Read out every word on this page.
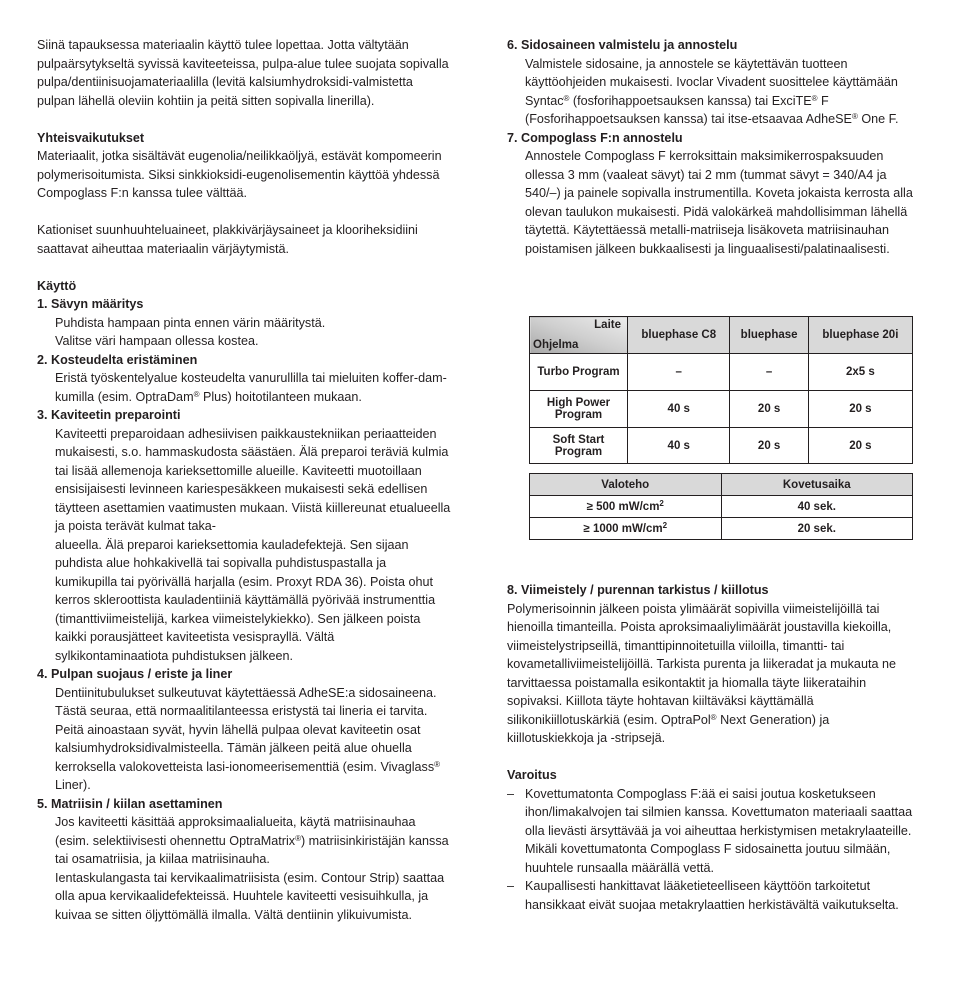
Siinä tapauksessa materiaalin käyttö tulee lopettaa. Jotta vältytään pulpaärsytykseltä syvissä kaviteeteissa, pulpa-alue tulee suojata sopivalla pulpa/dentiinisuojamateriaalilla (levitä kalsiumhydroksidi-valmistetta pulpan lähellä oleviin kohtiin ja peitä sitten sopivalla linerilla).

Yhteisvaikutukset

Materiaalit, jotka sisältävät eugenolia/neilikkaöljyä, estävät kompomeerin polymerisoitumista. Siksi sinkkioksidi-eugenolisementin käyttöä yhdessä Compoglass F:n kanssa tulee välttää.

Kationiset suunhuuhteluaineet, plakkivärjäysaineet ja klooriheksidiini saattavat aiheuttaa materiaalin värjäytymistä.

Käyttö

1. Sävyn määritys

Puhdista hampaan pinta ennen värin määritystä.

Valitse väri hampaan ollessa kostea.

2. Kosteudelta eristäminen

Eristä työskentelyalue kosteudelta vanurullilla tai mieluiten koffer-dam-kumilla (esim. OptraDam® Plus) hoitotilanteen mukaan.

3. Kaviteetin preparointi

Kaviteetti preparoidaan adhesiivisen paikkaustekniikan periaatteiden mukaisesti, s.o. hammaskudosta säästäen. Älä preparoi teräviä kulmia tai lisää allemenoja karieksettomille alueille. Kaviteetti muotoillaan ensisijaisesti levinneen kariespesäkkeen mukaisesti sekä edellisen täytteen asettamien vaatimusten mukaan. Viistä kiillereunat etualueella ja poista terävät kulmat taka-

alueella. Älä preparoi karieksettomia kauladefektejä. Sen sijaan puhdista alue hohkakivellä tai sopivalla puhdistuspastalla ja kumikupilla tai pyörivällä harjalla (esim. Proxyt RDA 36). Poista ohut kerros skleroottista kauladentiiniä käyttämällä pyörivää instrumenttia (timanttiviimeistelijä, karkea viimeistelykiekko). Sen jälkeen poista kaikki porausjätteet kaviteetista vesisprayllä. Vältä sylkikontaminaatiota puhdistuksen jälkeen.

4. Pulpan suojaus / eriste ja liner

Dentiinitubulukset sulkeutuvat käytettäessä AdheSE:a sidosaineena. Tästä seuraa, että normaalitilanteessa eristystä tai lineria ei tarvita. Peitä ainoastaan syvät, hyvin lähellä pulpaa olevat kaviteetin osat kalsiumhydroksidivalmisteella. Tämän jälkeen peitä alue ohuella kerroksella valokovetteista lasi-ionomeerisementtiä (esim. Vivaglass® Liner).

5. Matriisin / kiilan asettaminen

Jos kaviteetti käsittää approksimaalialueita, käytä matriisinauhaa (esim. selektiivisesti ohennettu OptraMatrix®) matriisinkiristäjän kanssa tai osamatriisia, ja kiilaa matriisinauha.

Ientaskulangasta tai kervikaalimatriisista (esim. Contour Strip) saattaa olla apua kervikaalidefekteissä. Huuhtele kaviteetti vesisuihkulla, ja kuivaa se sitten öljyttömällä ilmalla. Vältä dentiinin ylikuivumista.

6. Sidosaineen valmistelu ja annostelu

Valmistele sidosaine, ja annostele se käytettävän tuotteen käyttöohjeiden mukaisesti. Ivoclar Vivadent suosittelee käyttämään Syntac® (fosforihappoetsauksen kanssa) tai ExciTE® F (Fosforihappoetsauksen kanssa) tai itse-etsaavaa AdheSE® One F.

7. Compoglass F:n annostelu

Annostele Compoglass F kerroksittain maksimikerrospaksuuden ollessa 3 mm (vaaleat sävyt) tai 2 mm (tummat sävyt = 340/A4 ja 540/–) ja painele sopivalla instrumentilla. Koveta jokaista kerrosta alla olevan taulukon mukaisesti. Pidä valokärkeä mahdollisimman lähellä täytettä. Käytettäessä metalli-matriiseja lisäkoveta matriisinauhan poistamisen jälkeen bukkaalisesti ja linguaalisesti/palatinaalisesti.

Laite
Ohjelma	bluephase C8	bluephase	bluephase 20i
Turbo Program	–	–	2x5 s
High Power Program	40 s	20 s	20 s
Soft Start Program	40 s	20 s	20 s
Valoteho	Kovetusaika
≥ 500 $mW/cm^2$	40 sek.
≥ 1000 $mW/cm^2$	20 sek.

8. Viimeistely / purennan tarkistus / kiillotus

Polymerisoinnin jälkeen poista ylimäärät sopivilla viimeistelijöillä tai hienoilla timanteilla. Poista aproksimaaliylimäärät joustavilla kiekoilla, viimeistelystripseillä, timanttipinnoitetuilla viiloilla, timantti- tai kovametalliviimeistelijöillä. Tarkista purenta ja liikeradat ja mukauta ne tarvittaessa poistamalla esikontaktit ja hiomalla täyte liikerataihin sopivaksi. Kiillota täyte hohtavan kiiltäväksi käyttämällä silikonikiillotuskärkiä (esim. OptraPol® Next Generation) ja kiillotuskiekkoja ja -stripsejä.

Varoitus

– Kovettumatonta Compoglass F:ää ei saisi joutua kosketukseen ihon/limakalvojen tai silmien kanssa. Kovettumaton materiaali saattaa olla lievästi ärsyttävää ja voi aiheuttaa herkistymisen metakrylaateille. Mikäli kovettumatonta Compoglass F sidosainetta joutuu silmään, huuhtele runsaalla määrällä vettä.

– Kaupallisesti hankittavat lääketieteelliseen käyttöön tarkoitetut hansikkaat eivät suojaa metakrylaattien herkistävältä vaikutukselta.
